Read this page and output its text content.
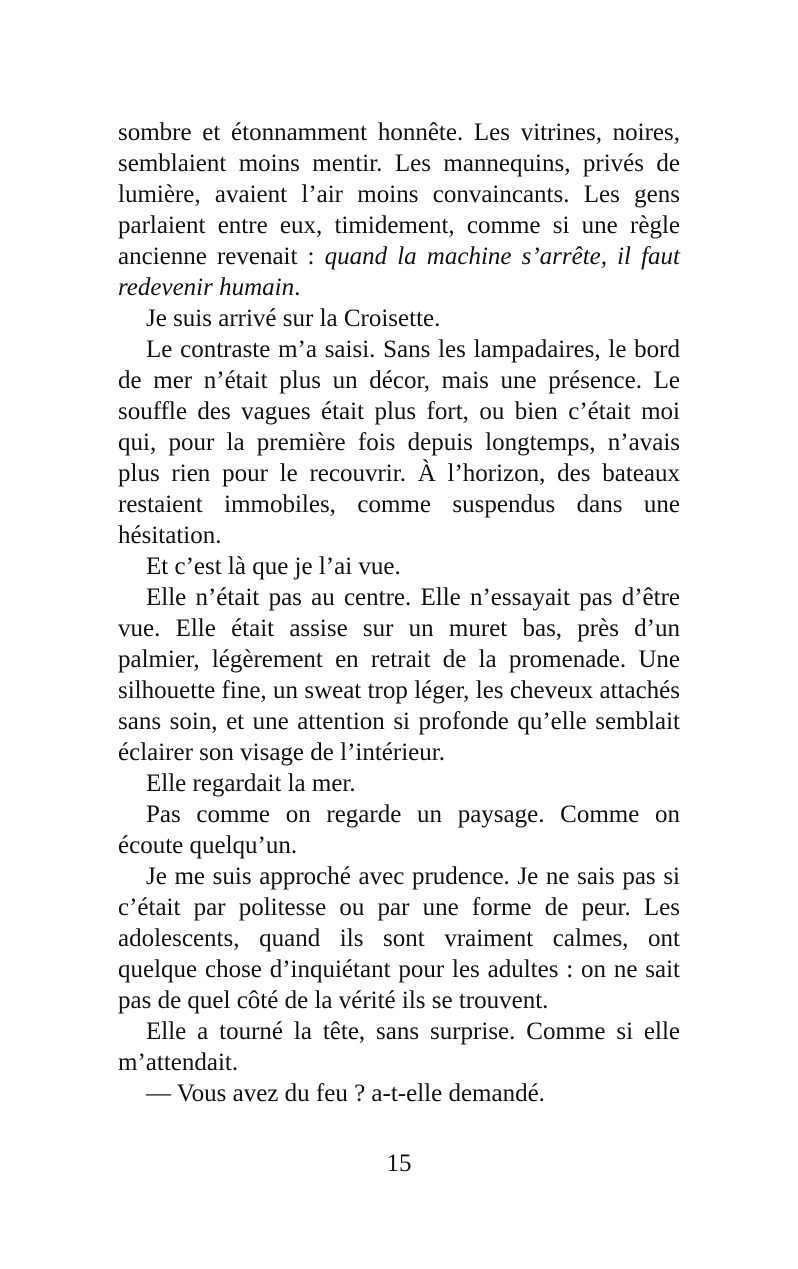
sombre et étonnamment honnête. Les vitrines, noires, semblaient moins mentir. Les mannequins, privés de lumière, avaient l’air moins convaincants. Les gens parlaient entre eux, timidement, comme si une règle ancienne revenait : quand la machine s’arrête, il faut redevenir humain.

Je suis arrivé sur la Croisette.

Le contraste m’a saisi. Sans les lampadaires, le bord de mer n’était plus un décor, mais une présence. Le souffle des vagues était plus fort, ou bien c’était moi qui, pour la première fois depuis longtemps, n’avais plus rien pour le recouvrir. À l’horizon, des bateaux restaient immobiles, comme suspendus dans une hésitation.

Et c’est là que je l’ai vue.

Elle n’était pas au centre. Elle n’essayait pas d’être vue. Elle était assise sur un muret bas, près d’un palmier, légèrement en retrait de la promenade. Une silhouette fine, un sweat trop léger, les cheveux attachés sans soin, et une attention si profonde qu’elle semblait éclairer son visage de l’intérieur.

Elle regardait la mer.

Pas comme on regarde un paysage. Comme on écoute quelqu’un.

Je me suis approché avec prudence. Je ne sais pas si c’était par politesse ou par une forme de peur. Les adolescents, quand ils sont vraiment calmes, ont quelque chose d’inquiétant pour les adultes : on ne sait pas de quel côté de la vérité ils se trouvent.

Elle a tourné la tête, sans surprise. Comme si elle m’attendait.

— Vous avez du feu ? a-t-elle demandé.

15
